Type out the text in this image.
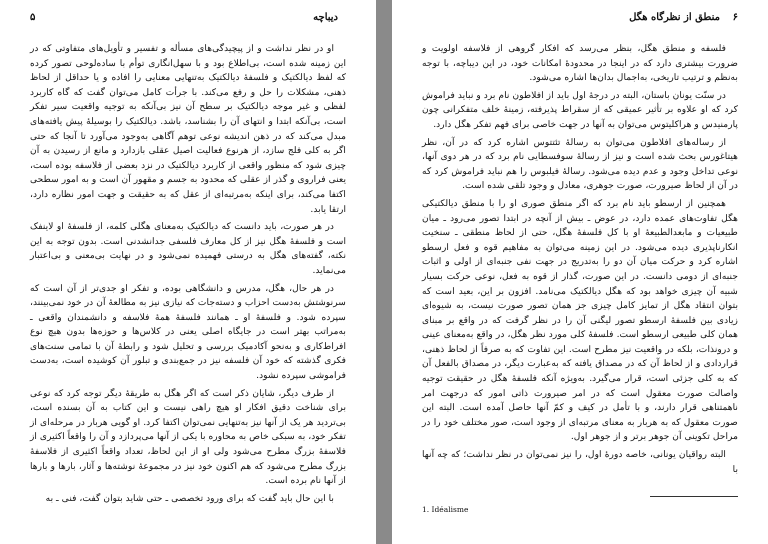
دیباچه
۵

او در نظر نداشت و از پیچیدگی‌های مسأله و تفسیر و تأویل‌های متفاوتی که در این زمینه شده است، بی‌اطلاع بود و با سهل‌انگاری توأم با ساده‌لوحی تصور کرده که لفظ دیالکتیک و فلسفهٔ دیالکتیک به‌تنهایی معنایی را افاده و یا حداقل از لحاظ ذهنی، مشکلات را حل و رفع می‌کند. با جرأت کامل می‌توان گفت که گاه کاربرد لفظی و غیر موجه دیالکتیک بر سطح آن نیز بی‌آنکه به توجیه واقعیت سیر تفکر است، بی‌آنکه ابتدا و انتهای آن را بشناسد، باشد. دیالکتیک را بوسیلهٔ پیش یافته‌های مبدل می‌کند که در ذهن اندیشه نوعی توهم آگاهی به‌وجود می‌آورد تا آنجا که حتی اگر به کلی فلج سازد، از هرنوع فعالیت اصیل عقلی بازدارد و مانع از رسیدن به آن چیزی شود که منظور واقعی از کاربرد دیالکتیک در نزد بعضی از فلاسفه بوده است، یعنی فراروی و گذر از عقلی که محدود به جسم و مقهور آن است و به امور سطحی اکتفا می‌کند، برای اینکه به‌مرتبه‌ای از عقل که به حقیقت و جهت امور نظاره دارد، ارتقا یابد.

در هر صورت، باید دانست که دیالکتیک به‌معنای هگلی کلمه، از فلسفهٔ او لاینفک است و فلسفهٔ هگل نیز از کل معارف فلسفی جدانشدنی است. بدون توجه به این نکته، گفته‌های هگل به درستی فهمیده نمی‌شود و در نهایت بی‌معنی و بی‌اعتبار می‌نماید.

در هر حال، هگل، مدرس و دانشگاهی بوده، و تفکر او جدی‌تر از آن است که سرنوشتش به‌دست احزاب و دسته‌جات که نیازی نیز به مطالعهٔ آن در خود نمی‌بینند، سپرده شود. و فلسفهٔ او ـ همانند فلسفهٔ همهٔ فلاسفه و دانشمندان واقعی ـ به‌مراتب بهتر است در جایگاه اصلی یعنی در کلاس‌ها و حوزه‌ها بدون هیچ نوع افراط‌کاری و به‌نحو آکادمیک بررسی و تحلیل شود و رابطهٔ آن با تمامی سنت‌های فکری گذشته که خود آن فلسفه نیز در جمع‌بندی و تبلور آن کوشیده است، به‌دست فراموشی سپرده نشود.

از طرف دیگر، شایان ذکر است که اگر هگل به طریقهٔ دیگر توجه کرد که نوعی برای شناخت دقیق افکار او هیچ راهی نیست و این کتاب به آن بسنده است، بی‌تردید هر یک از آنها نیز به‌تنهایی نمی‌توان اکتفا کرد. او گویی هربار در مرحله‌ای از تفکر خود، به سبکی خاص به محاوره با یکی از آنها می‌پردازد و آن را واقعاً اکثیری از فلاسفهٔ بزرگ مطرح می‌شود ولی او از این لحاظ، تعداد واقعاً اکثیری از فلاسفهٔ بزرگ مطرح می‌شود که هم اکنون خود نیز در مجموعهٔ نوشته‌ها و آثار، بارها و بارها از آنها نام برده است.

با این حال باید گفت که برای ورود تخصصی ـ حتی شاید بتوان گفت، فنی ـ به

۶
منطق از نظرگاه هگل

فلسفه و منطق هگل، بنظر می‌رسد که افکار گروهی از فلاسفه اولویت و ضرورت بیشتری دارد که در اینجا در محدودهٔ امکانات خود، در این دیباچه، با توجه به‌نظم و ترتیب تاریخی، به‌اجمال بدان‌ها اشاره می‌شود.

در سنّت یونان باستان، البته در درجهٔ اول باید از افلاطون نام برد و نباید فراموش کرد که او علاوه بر تأثیر عمیقی که از سقراط پذیرفته، زمینهٔ خلف متفکرانی چون پارمنیدس و هراکلیتوس می‌توان به آنها در جهت خاصی برای فهم تفکر هگل دارد.

از رساله‌های افلاطون می‌توان به رسالهٔ تئتتوس اشاره کرد که در آن، نظر هیتاغورس بحث شده است و نیز از رسالهٔ سوفسطایی نام برد که در هر دوی آنها، نوعی تداخل وجود و عدم دیده می‌شود. رسالهٔ فیلبوس را هم نباید فراموش کرد که در آن از لحاظ صیرورت، صورت جوهری، معادل و وجود تلقی شده است.

همچنین از ارسطو باید نام برد که اگر منطق صوری او را با منطق دیالکتیکی هگل تفاوت‌های عمده دارد، در عوض ـ بیش از آنچه در ابتدا تصور می‌رود ـ میان طبیعیات و مابعدالطبیعهٔ او با کل فلسفهٔ هگل، حتی از لحاظ منطقی ـ سنخیت انکارناپذیری دیده می‌شود. در این زمینه می‌توان به مفاهیم قوه و فعل ارسطو اشاره کرد و حرکت میان آن دو را به‌تدریج در جهت نفی جنبه‌ای از اولی و اثبات جنبه‌ای از دومی دانست. در این صورت، گذار از قوه به فعل، نوعی حرکت بسیار شبیه آن چیزی خواهد بود که هگل دیالکتیک می‌نامد. افزون بر این، بعید است که بتوان انتقاد هگل از تمایز کامل چیزی جز همان تصور صورت نیست، به شیوه‌ای زیادی بین فلسفهٔ ارسطو تصور لیگنی آن را در نظر گرفت که در واقع بر مبنای همان کلی طبیعی ارسطو است. فلسفهٔ کلی مورد نظر هگل، در واقع به‌معنای عینی و درونذات، بلکه در واقعیت نیز مطرح است. این تفاوت که به صرفاً از لحاظ ذهنی، قراردادی و از لحاظ آن که در مصداق یافته که به‌عبارت دیگر، در مصداق بالفعل آن که به کلی جزئی است، قرار می‌گیرد. به‌ویژه آنکه فلسفهٔ هگل در حقیقت توجیه واصالت صورت معقول است که در امر صیرورت ذاتی امور که درجهت امر ناهمتناهی قرار دارند، و با تأمل در کیف و کمّ آنها حاصل آمده است. البته این صورت معقول که به هربار به معنای مرتبه‌ای از وجود است، صور مختلف خود را در مراحل تکوینی آن جوهر برتر و از جوهر اول.

البته رواقیان یونانی، خاصه دورهٔ اول، را نیز نمی‌توان در نظر نداشت؛ که چه آنها با

1. Idéalisme
